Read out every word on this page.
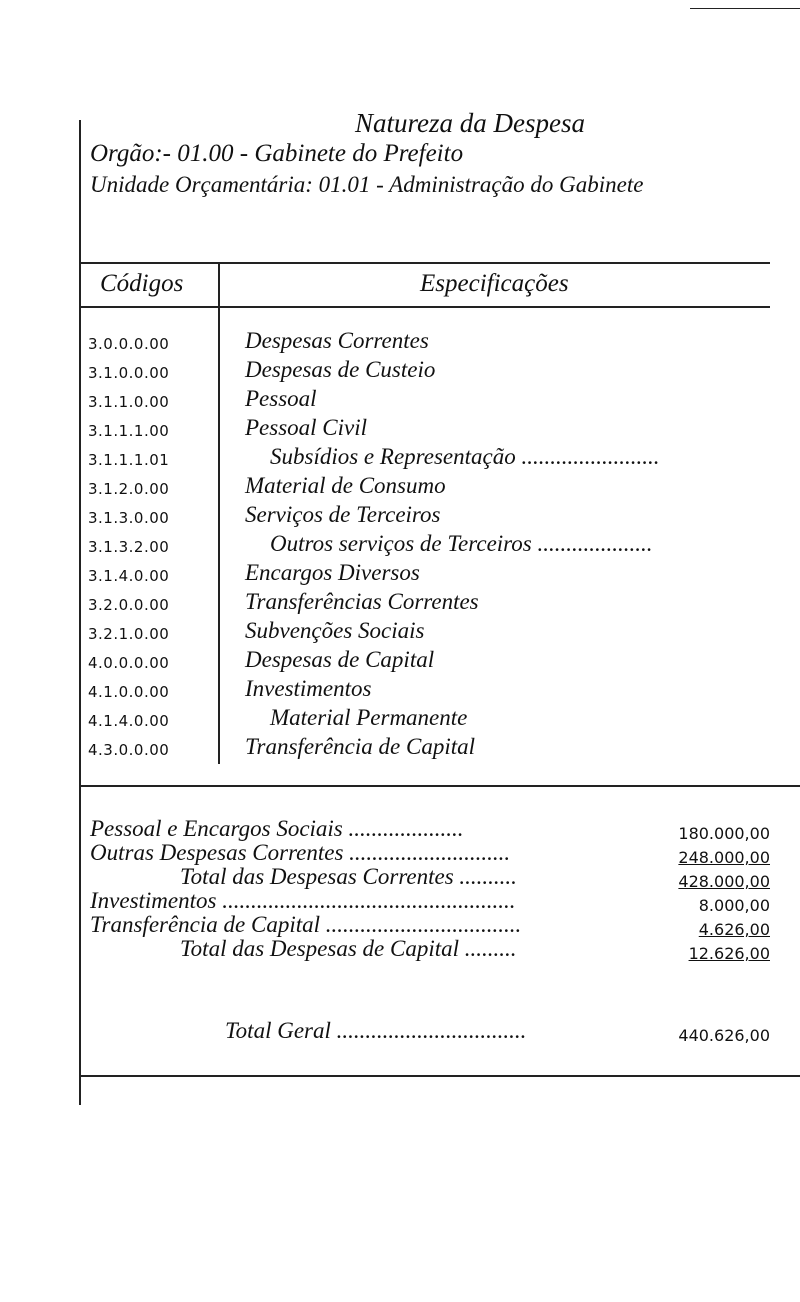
Natureza da Despesa
Orgão:- 01.00 - Gabinete do Prefeito
Unidade Orçamentária: 01.01 - Administração do Gabinete
Códigos	Especificações
3.0.0.0.00	Despesas Correntes
3.1.0.0.00	Despesas de Custeio
3.1.1.0.00	Pessoal
3.1.1.1.00	Pessoal Civil
3.1.1.1.01	Subsídios e Representação ........................
3.1.2.0.00	Material de Consumo
3.1.3.0.00	Serviços de Terceiros
3.1.3.2.00	Outros serviços de Terceiros ....................
3.1.4.0.00	Encargos Diversos
3.2.0.0.00	Transferências Correntes
3.2.1.0.00	Subvenções Sociais
4.0.0.0.00	Despesas de Capital
4.1.0.0.00	Investimentos
4.1.4.0.00	Material Permanente
4.3.0.0.00	Transferência de Capital
Pessoal e Encargos Sociais ....................	180.000,00
Outras Despesas Correntes ............................	248.000,00
Total das Despesas Correntes ..........	428.000,00
Investimentos ...................................................	8.000,00
Transferência de Capital ..................................	4.626,00
Total das Despesas de Capital .........	12.626,00
Total Geral .................................	440.626,00
